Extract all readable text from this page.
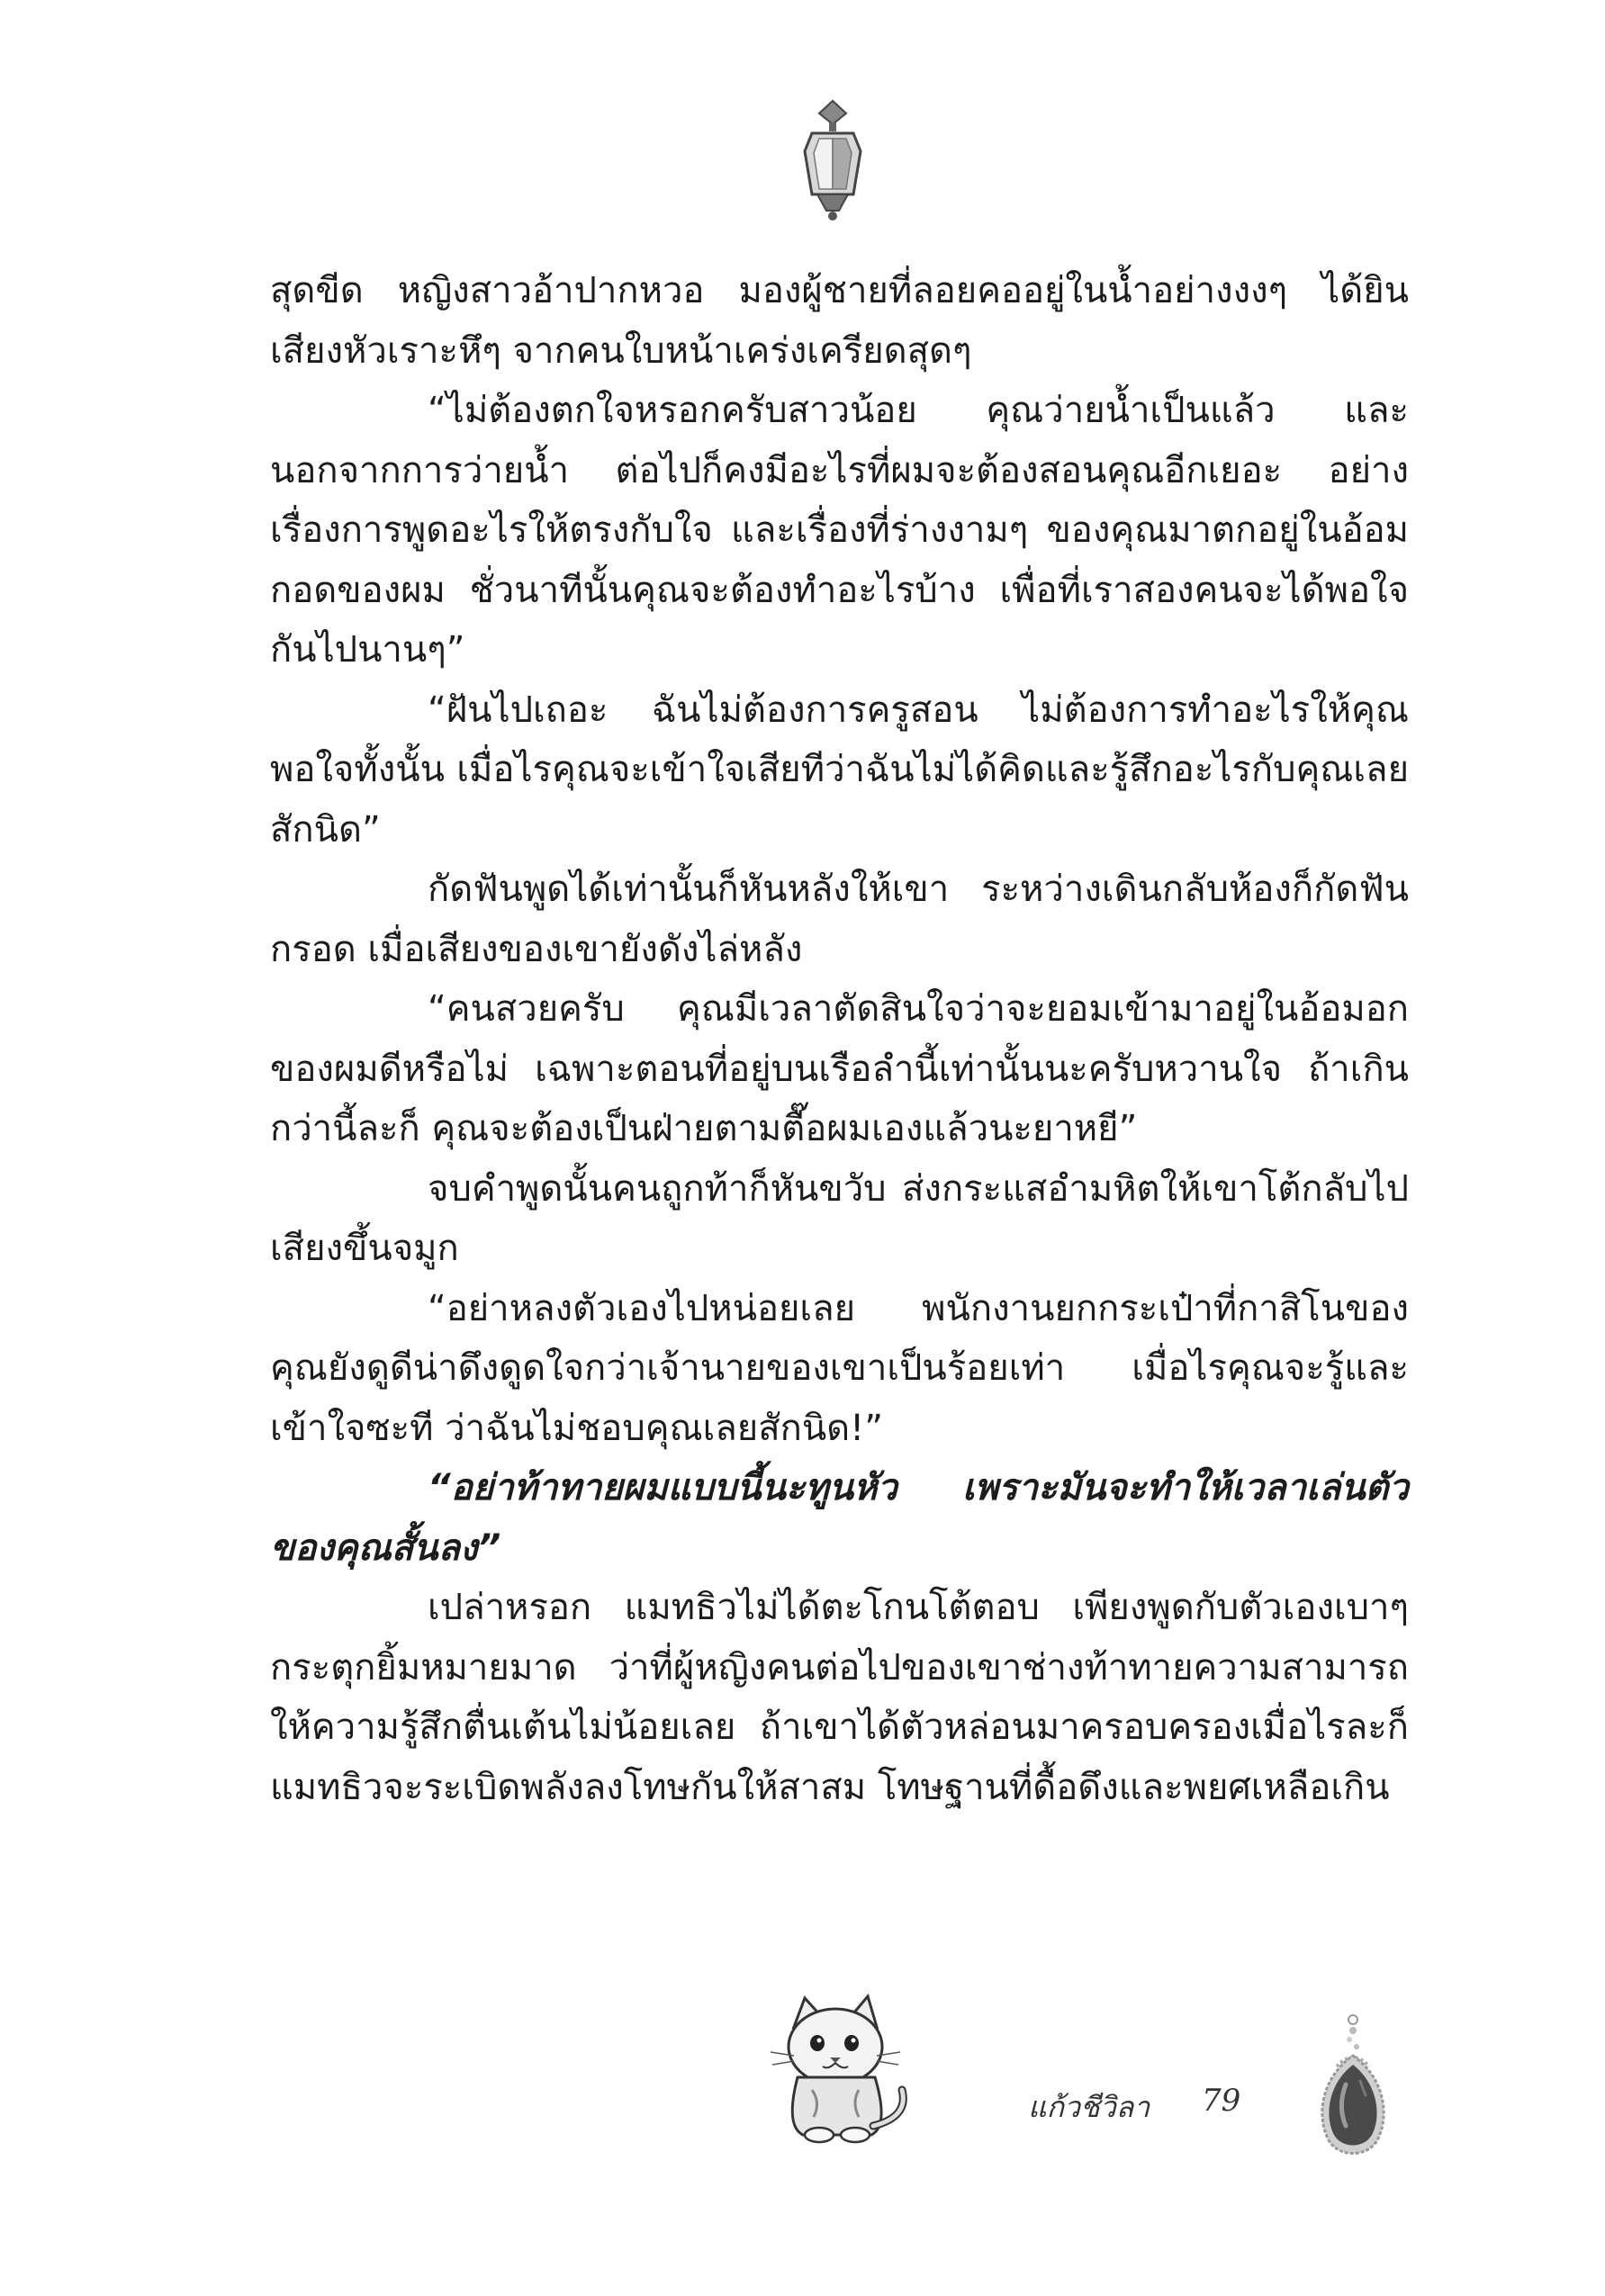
สุดขีด หญิงสาวอ้าปากหวอ มองผู้ชายที่ลอยคออยู่ในน้ำอย่างงงๆ ได้ยินเสียงหัวเราะหึๆ จากคนใบหน้าเคร่งเครียดสุดๆ

“ไม่ต้องตกใจหรอกครับสาวน้อย คุณว่ายน้ำเป็นแล้ว และนอกจากการว่ายน้ำ ต่อไปก็คงมีอะไรที่ผมจะต้องสอนคุณอีกเยอะ อย่างเรื่องการพูดอะไรให้ตรงกับใจ และเรื่องที่ร่างงามๆ ของคุณมาตกอยู่ในอ้อมกอดของผม ชั่วนาทีนั้นคุณจะต้องทำอะไรบ้าง เพื่อที่เราสองคนจะได้พอใจกันไปนานๆ”

“ฝันไปเถอะ ฉันไม่ต้องการครูสอน ไม่ต้องการทำอะไรให้คุณพอใจทั้งนั้น เมื่อไรคุณจะเข้าใจเสียทีว่าฉันไม่ได้คิดและรู้สึกอะไรกับคุณเลยสักนิด”

กัดฟันพูดได้เท่านั้นก็หันหลังให้เขา ระหว่างเดินกลับห้องก็กัดฟันกรอด เมื่อเสียงของเขายังดังไล่หลัง

“คนสวยครับ คุณมีเวลาตัดสินใจว่าจะยอมเข้ามาอยู่ในอ้อมอกของผมดีหรือไม่ เฉพาะตอนที่อยู่บนเรือลำนี้เท่านั้นนะครับหวานใจ ถ้าเกินกว่านี้ละก็ คุณจะต้องเป็นฝ่ายตามตื๊อผมเองแล้วนะยาหยี”

จบคำพูดนั้นคนถูกท้าก็หันขวับ ส่งกระแสอำมหิตให้เขาโต้กลับไปเสียงขึ้นจมูก

“อย่าหลงตัวเองไปหน่อยเลย พนักงานยกกระเป๋าที่กาสิโนของคุณยังดูดีน่าดึงดูดใจกว่าเจ้านายของเขาเป็นร้อยเท่า เมื่อไรคุณจะรู้และเข้าใจซะที ว่าฉันไม่ชอบคุณเลยสักนิด!”

“อย่าท้าทายผมแบบนี้นะทูนหัว เพราะมันจะทำให้เวลาเล่นตัวของคุณสั้นลง”

เปล่าหรอก แมทธิวไม่ได้ตะโกนโต้ตอบ เพียงพูดกับตัวเองเบาๆ กระตุกยิ้มหมายมาด ว่าที่ผู้หญิงคนต่อไปของเขาช่างท้าทายความสามารถให้ความรู้สึกตื่นเต้นไม่น้อยเลย ถ้าเขาได้ตัวหล่อนมาครอบครองเมื่อไรละก็ แมทธิวจะระเบิดพลังลงโทษกันให้สาสม โทษฐานที่ดื้อดึงและพยศเหลือเกิน

แก้วชีวิลา 79
